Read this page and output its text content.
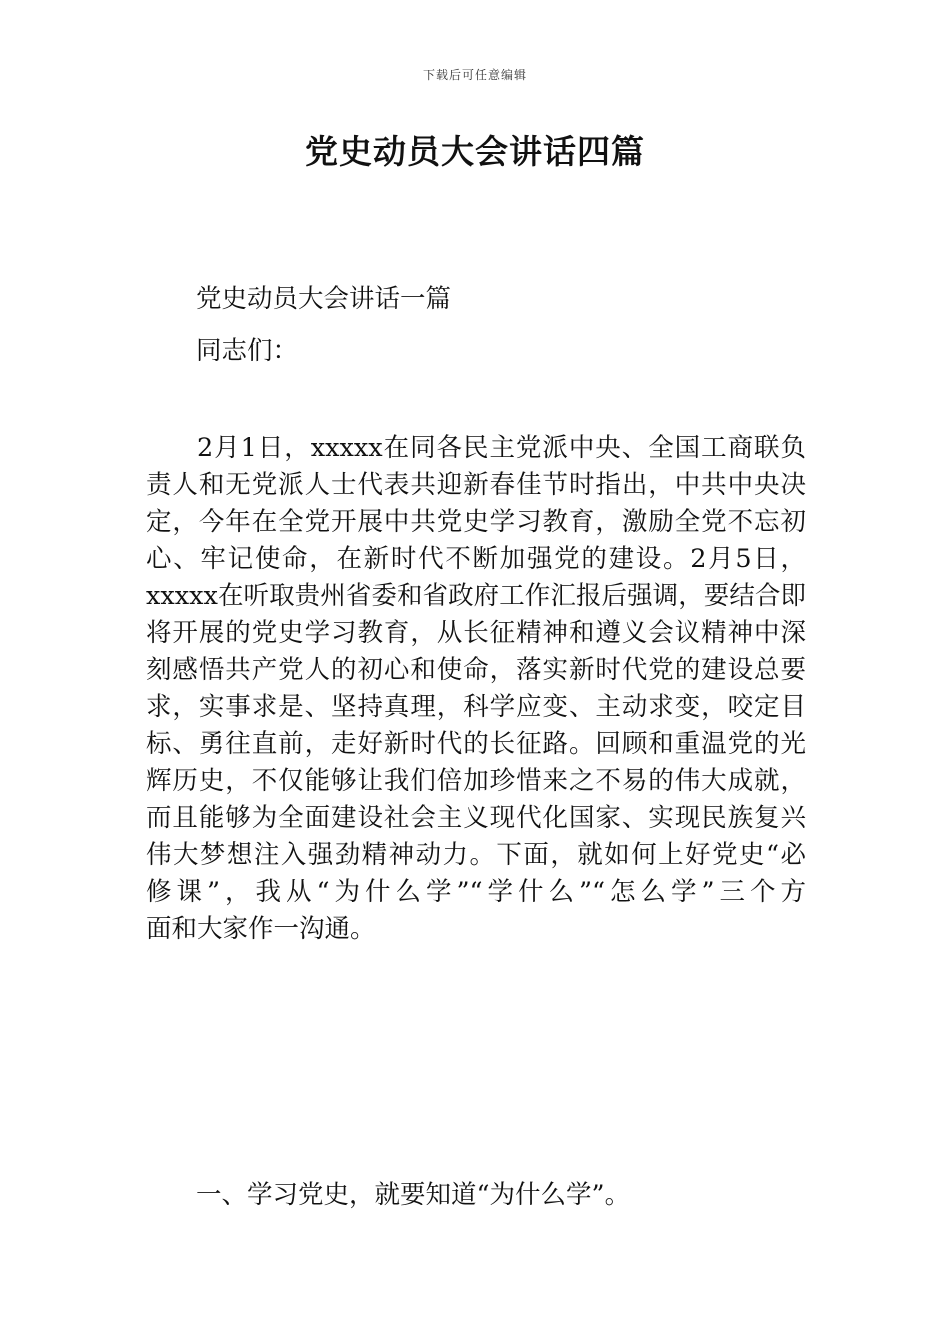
下载后可任意编辑
党史动员大会讲话四篇

党史动员大会讲话一篇

同志们：

2月1日，xxxxx在同各民主党派中央、全国工商联负
责人和无党派人士代表共迎新春佳节时指出，中共中央决
定，今年在全党开展中共党史学习教育，激励全党不忘初
心、牢记使命，在新时代不断加强党的建设。2月5日，
xxxxx在听取贵州省委和省政府工作汇报后强调，要结合即
将开展的党史学习教育，从长征精神和遵义会议精神中深
刻感悟共产党人的初心和使命，落实新时代党的建设总要
求，实事求是、坚持真理，科学应变、主动求变，咬定目
标、勇往直前，走好新时代的长征路。回顾和重温党的光
辉历史，不仅能够让我们倍加珍惜来之不易的伟大成就，
而且能够为全面建设社会主义现代化国家、实现民族复兴
伟大梦想注入强劲精神动力。下面，就如何上好党史“必
修课”，我从“为什么学”“学什么”“怎么学”三个方
面和大家作一沟通。

一、学习党史，就要知道“为什么学”。
